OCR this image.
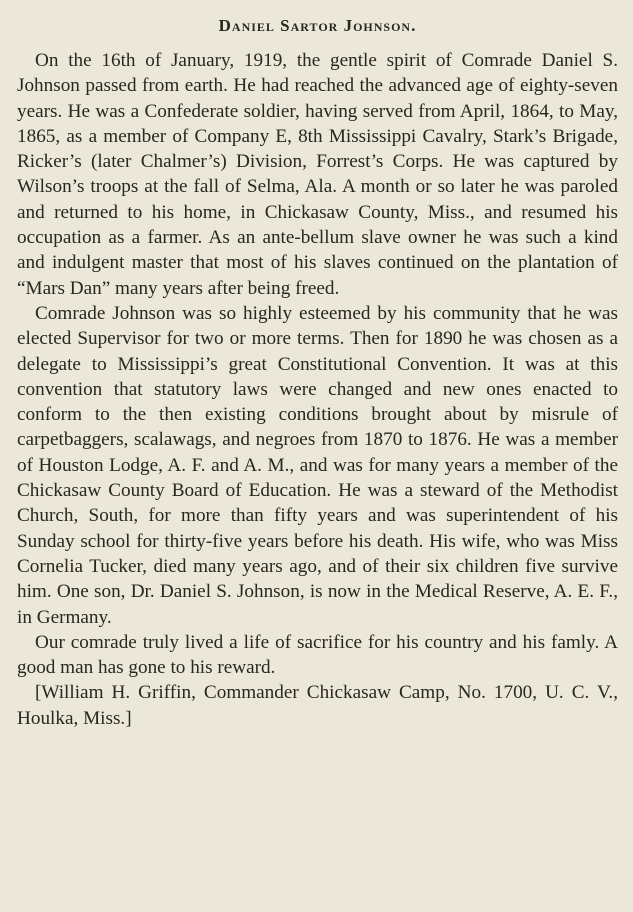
Daniel Sartor Johnson.

On the 16th of January, 1919, the gentle spirit of Comrade Daniel S. Johnson passed from earth. He had reached the advanced age of eighty-seven years. He was a Confederate soldier, having served from April, 1864, to May, 1865, as a member of Company E, 8th Mississippi Cavalry, Stark’s Brigade, Ricker’s (later Chalmer’s) Division, Forrest’s Corps. He was captured by Wilson’s troops at the fall of Selma, Ala. A month or so later he was paroled and returned to his home, in Chickasaw County, Miss., and resumed his occupation as a farmer. As an ante-bellum slave owner he was such a kind and indulgent master that most of his slaves continued on the plantation of “Mars Dan” many years after being freed.

Comrade Johnson was so highly esteemed by his community that he was elected Supervisor for two or more terms. Then for 1890 he was chosen as a delegate to Mississippi’s great Constitutional Convention. It was at this convention that statutory laws were changed and new ones enacted to conform to the then existing conditions brought about by misrule of carpetbaggers, scalawags, and negroes from 1870 to 1876. He was a member of Houston Lodge, A. F. and A. M., and was for many years a member of the Chickasaw County Board of Education. He was a steward of the Methodist Church, South, for more than fifty years and was superintendent of his Sunday school for thirty-five years before his death. His wife, who was Miss Cornelia Tucker, died many years ago, and of their six children five survive him. One son, Dr. Daniel S. Johnson, is now in the Medical Reserve, A. E. F., in Germany.

Our comrade truly lived a life of sacrifice for his country and his famly. A good man has gone to his reward.

[William H. Griffin, Commander Chickasaw Camp, No. 1700, U. C. V., Houlka, Miss.]
